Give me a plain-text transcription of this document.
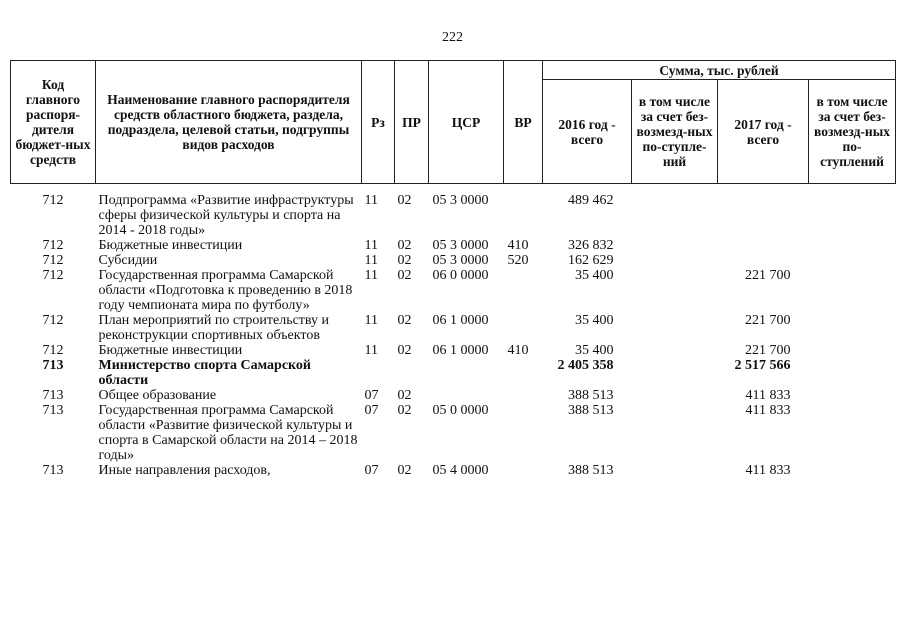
222
Код главного распоря-дителя бюджет-ных средств	Наименование главного распорядителя средств областного бюджета, раздела, подраздела, целевой статьи, подгруппы видов расходов	Рз	ПР	ЦСР	ВР	Сумма, тыс. рублей			
						2016 год - всего	в том числе за счет без-возмезд-ных по-ступле-ний	2017 год - всего	в том числе за счет без-возмезд-ных по-ступлений
712	Подпрограмма «Развитие инфраструктуры сферы физической культуры и спорта на 2014 - 2018 годы»	11	02	05 3 0000		489 462			
712	Бюджетные инвестиции	11	02	05 3 0000	410	326 832			
712	Субсидии	11	02	05 3 0000	520	162 629			
712	Государственная программа Самарской области «Подготовка к проведению в 2018 году чемпионата мира по футболу»	11	02	06 0 0000		35 400		221 700	
712	План мероприятий по строительству и реконструкции спортивных объектов	11	02	06 1 0000		35 400		221 700	
712	Бюджетные инвестиции	11	02	06 1 0000	410	35 400		221 700	
713	Министерство спорта Самарской области					2 405 358		2 517 566	
713	Общее образование	07	02			388 513		411 833	
713	Государственная программа Самарской области «Развитие физической культуры и спорта в Самарской области на 2014 – 2018 годы»	07	02	05 0 0000		388 513		411 833	
713	Иные направления расходов,	07	02	05 4 0000		388 513		411 833	
